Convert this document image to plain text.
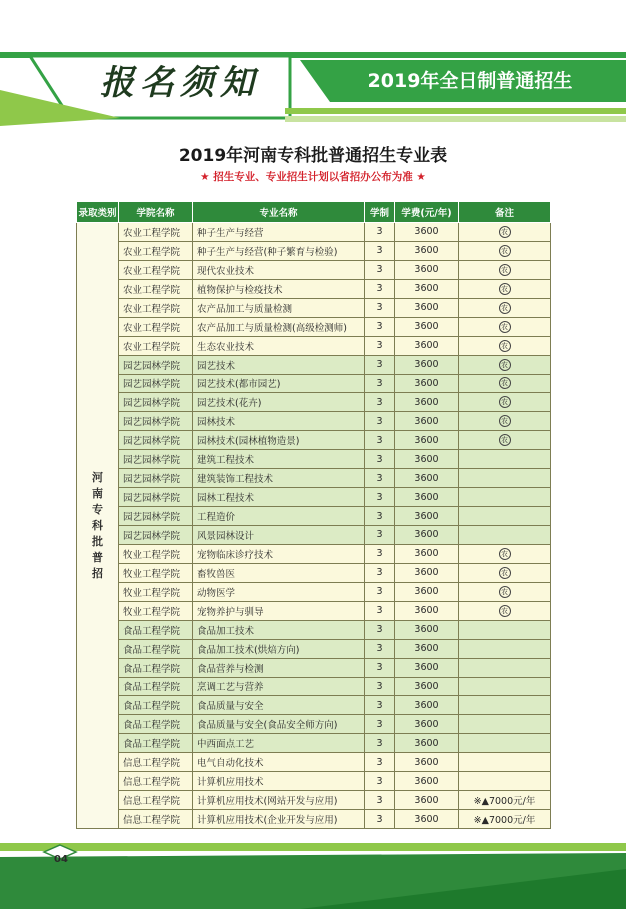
报名须知	2019年全日制普通招生
2019年河南专科批普通招生专业表
★ 招生专业、专业招生计划以省招办公布为准 ★
录取类别	学院名称	专业名称	学制	学费(元/年)	备注

河南专科批普招	农业工程学院	种子生产与经营	3	3600	农
	农业工程学院	种子生产与经营(种子繁育与检验)	3	3600	农
	农业工程学院	现代农业技术	3	3600	农
	农业工程学院	植物保护与检疫技术	3	3600	农
	农业工程学院	农产品加工与质量检测	3	3600	农
	农业工程学院	农产品加工与质量检测(高级检测师)	3	3600	农
	农业工程学院	生态农业技术	3	3600	农
	园艺园林学院	园艺技术	3	3600	农
	园艺园林学院	园艺技术(都市园艺)	3	3600	农
	园艺园林学院	园艺技术(花卉)	3	3600	农
	园艺园林学院	园林技术	3	3600	农
	园艺园林学院	园林技术(园林植物造景)	3	3600	农
	园艺园林学院	建筑工程技术	3	3600	
	园艺园林学院	建筑装饰工程技术	3	3600	
	园艺园林学院	园林工程技术	3	3600	
	园艺园林学院	工程造价	3	3600	
	园艺园林学院	风景园林设计	3	3600	
	牧业工程学院	宠物临床诊疗技术	3	3600	农
	牧业工程学院	畜牧兽医	3	3600	农
	牧业工程学院	动物医学	3	3600	农
	牧业工程学院	宠物养护与驯导	3	3600	农
	食品工程学院	食品加工技术	3	3600	
	食品工程学院	食品加工技术(烘焙方向)	3	3600	
	食品工程学院	食品营养与检测	3	3600	
	食品工程学院	烹调工艺与营养	3	3600	
	食品工程学院	食品质量与安全	3	3600	
	食品工程学院	食品质量与安全(食品安全师方向)	3	3600	
	食品工程学院	中西面点工艺	3	3600	
	信息工程学院	电气自动化技术	3	3600	
	信息工程学院	计算机应用技术	3	3600	
	信息工程学院	计算机应用技术(网站开发与应用)	3	3600	※▲7000元/年
	信息工程学院	计算机应用技术(企业开发与应用)	3	3600	※▲7000元/年
04
